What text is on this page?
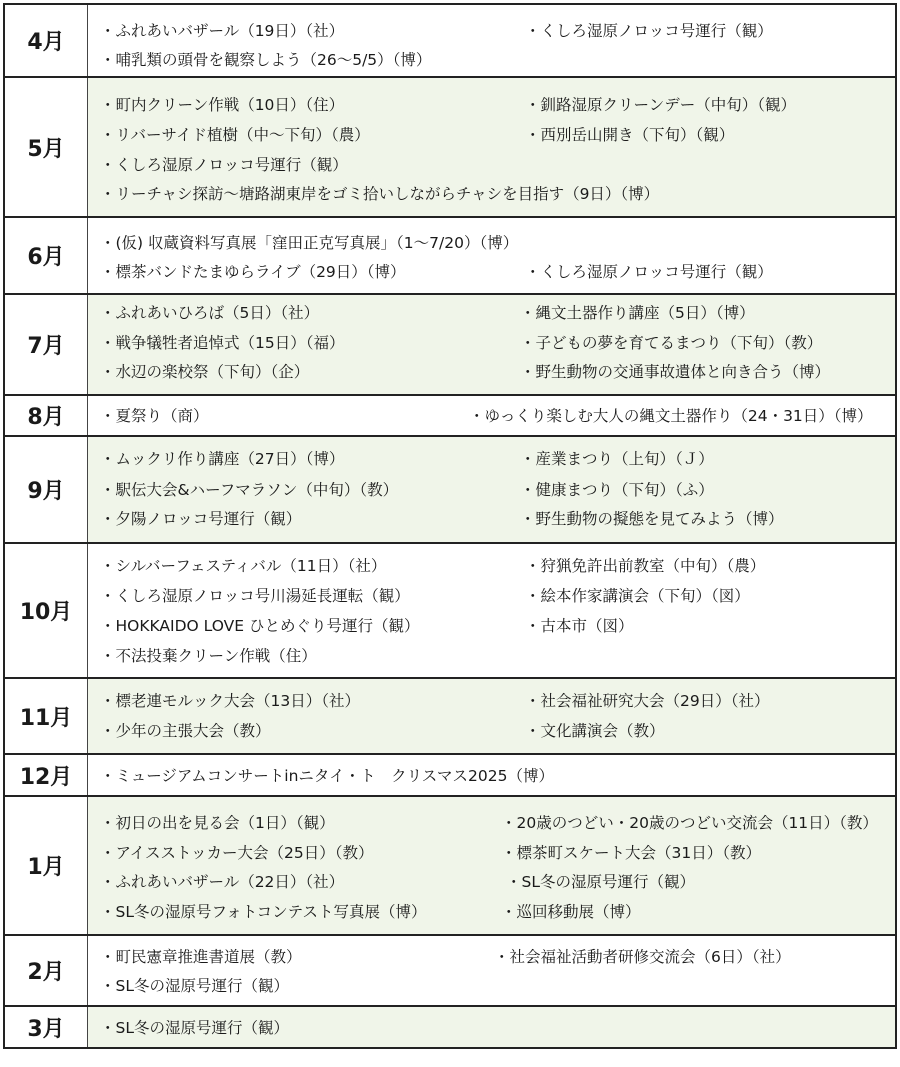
4月	・ふれあいバザール（19日）（社）	・くしろ湿原ノロッコ号運行（観）
・哺乳類の頭骨を観察しよう（26〜5/5）（博）
5月
・町内クリーン作戦（10日）（住）	・釧路湿原クリーンデー（中旬）（観）
・リバーサイド植樹（中〜下旬）（農）	・西別岳山開き（下旬）（観）
・くしろ湿原ノロッコ号運行（観）
・リーチャシ探訪〜塘路湖東岸をゴミ拾いしながらチャシを目指す（9日）（博）
6月
・(仮) 収蔵資料写真展「窪田正克写真展」（1〜7/20）（博）
・標茶バンドたまゆらライブ（29日）（博）	・くしろ湿原ノロッコ号運行（観）
7月
・ふれあいひろば（5日）（社）	・縄文土器作り講座（5日）（博）
・戦争犠牲者追悼式（15日）（福）	・子どもの夢を育てるまつり（下旬）（教）
・水辺の楽校祭（下旬）（企）	・野生動物の交通事故遺体と向き合う（博）
8月	・夏祭り（商）	・ゆっくり楽しむ大人の縄文土器作り（24・31日）（博）
9月
・ムックリ作り講座（27日）（博）	・産業まつり（上旬）（Ｊ）
・駅伝大会&ハーフマラソン（中旬）（教）	・健康まつり（下旬）（ふ）
・夕陽ノロッコ号運行（観）	・野生動物の擬態を見てみよう（博）
10月
・シルバーフェスティバル（11日）（社）	・狩猟免許出前教室（中旬）（農）
・くしろ湿原ノロッコ号川湯延長運転（観）	・絵本作家講演会（下旬）（図）
・HOKKAIDO LOVE ひとめぐり号運行（観）	・古本市（図）
・不法投棄クリーン作戦（住）
11月
・標老連モルック大会（13日）（社）	・社会福祉研究大会（29日）（社）
・少年の主張大会（教）	・文化講演会（教）
12月	・ミュージアムコンサートinニタイ・ト　クリスマス2025（博）
1月
・初日の出を見る会（1日）（観）	・20歳のつどい・20歳のつどい交流会（11日）（教）
・アイスストッカー大会（25日）（教）	・標茶町スケート大会（31日）（教）
・ふれあいバザール（22日）（社）	・SL冬の湿原号運行（観）
・SL冬の湿原号フォトコンテスト写真展（博）	・巡回移動展（博）
2月
・町民憲章推進書道展（教）	・社会福祉活動者研修交流会（6日）（社）
・SL冬の湿原号運行（観）
3月	・SL冬の湿原号運行（観）
